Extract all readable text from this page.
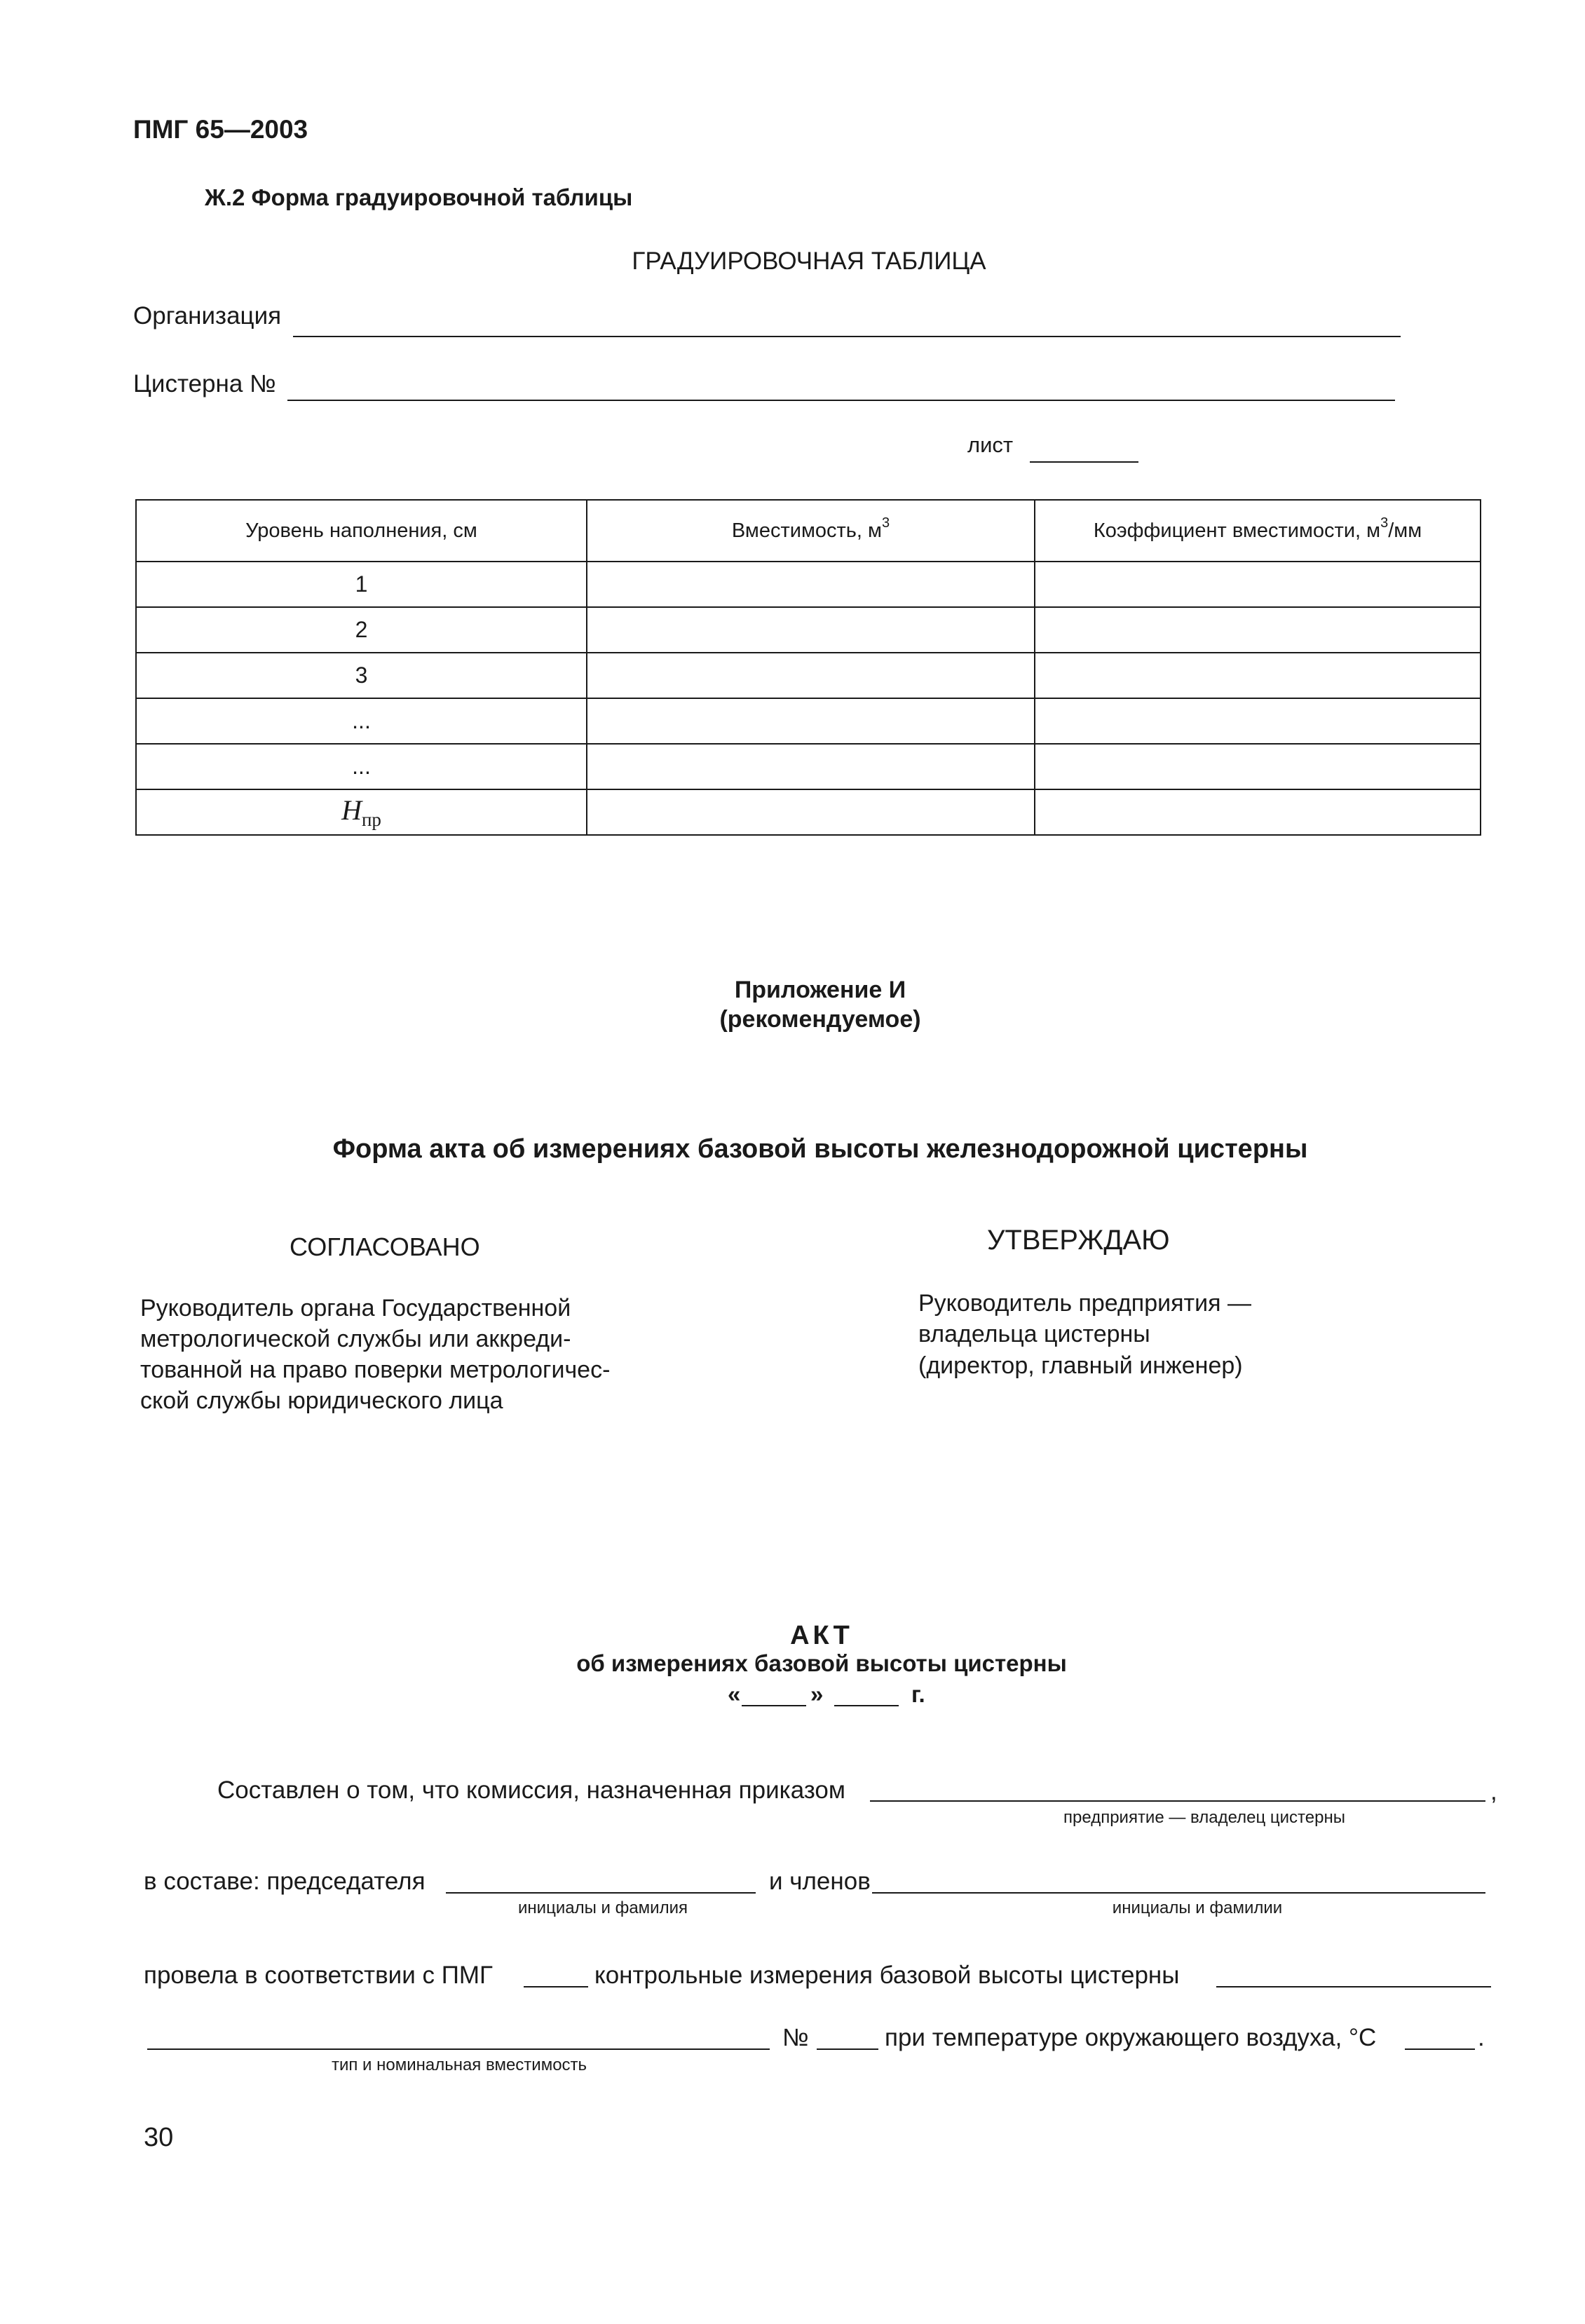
ПМГ 65—2003
Ж.2 Форма градуировочной таблицы
ГРАДУИРОВОЧНАЯ ТАБЛИЦА
Организация
Цистерна №
лист
Уровень наполнения, см	Вместимость, $м^3$	Коэффициент вместимости, $м^3/мм$
1		
2		
3		
...		
...		
$H_{пр}$		
Приложение И
(рекомендуемое)
Форма акта об измерениях базовой высоты железнодорожной цистерны
СОГЛАСОВАНО	УТВЕРЖДАЮ
Руководитель органа Государственной
метрологической службы или аккреди-
тованной на право поверки метрологичес-
ской службы юридического лица
Руководитель предприятия —
владельца цистерны
(директор, главный инженер)
АКТ
об измерениях базовой высоты цистерны
«	»	г.
Составлен о том, что комиссия, назначенная приказом	,
предприятие — владелец цистерны
в составе: председателя	и членов
инициалы и фамилия	инициалы и фамилии
провела в соответствии с ПМГ	контрольные измерения базовой высоты цистерны
№	при температуре окружающего воздуха, °С	.
тип и номинальная вместимость
30
